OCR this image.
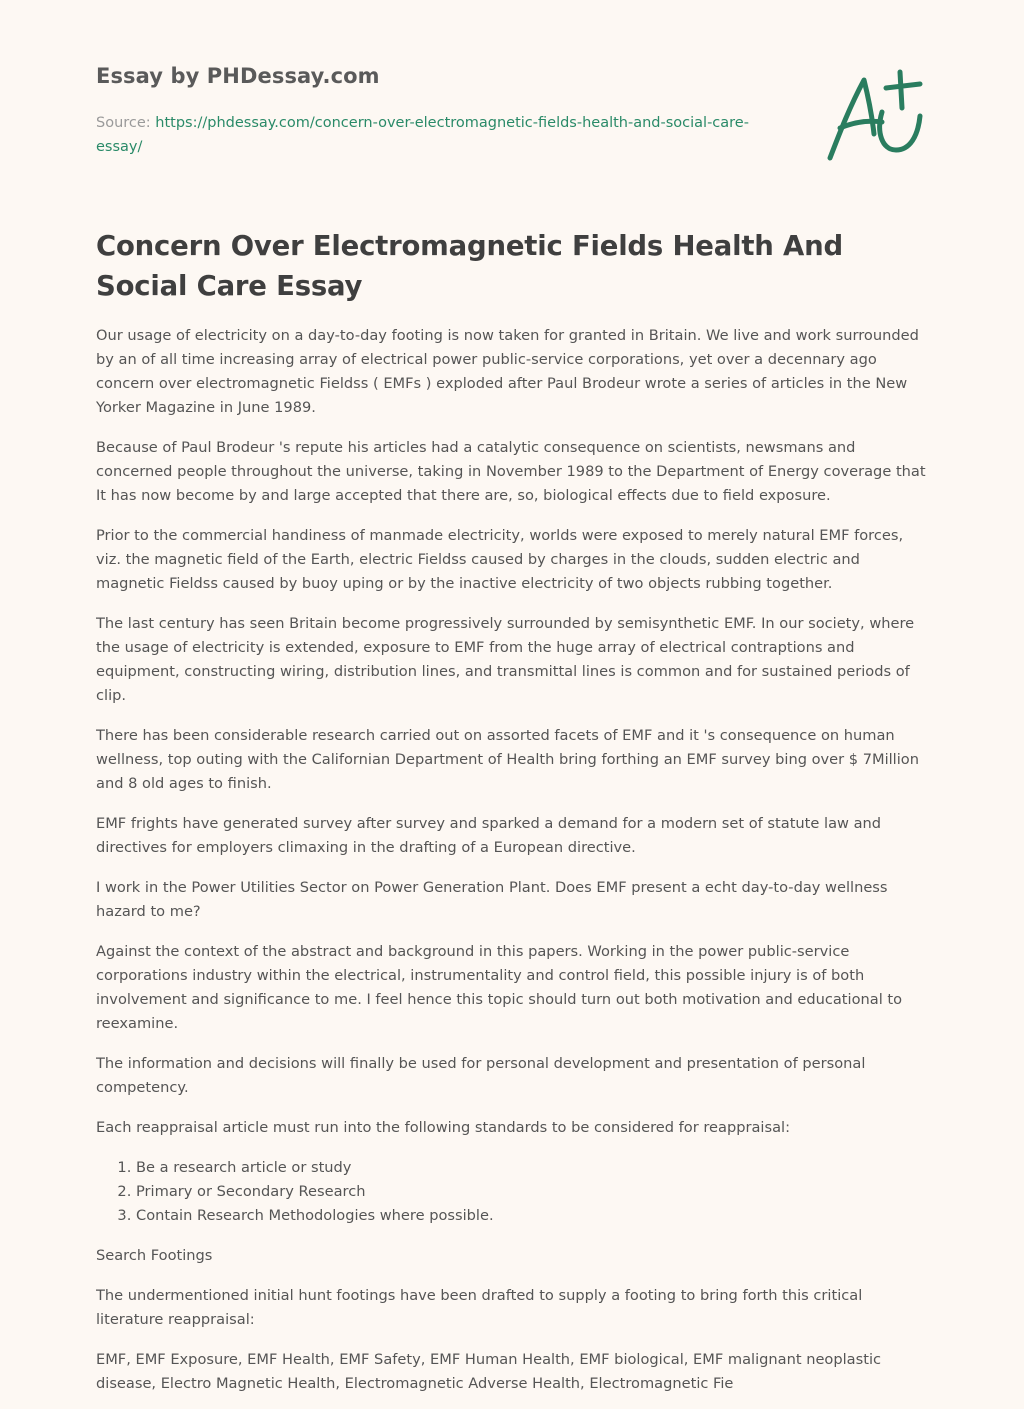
Essay by PHDessay.com
Source: https://phdessay.com/concern-over-electromagnetic-fields-health-and-social-care-essay/
Concern Over Electromagnetic Fields Health And Social Care Essay

Our usage of electricity on a day-to-day footing is now taken for granted in Britain. We live and work surrounded by an of all time increasing array of electrical power public-service corporations, yet over a decennary ago concern over electromagnetic Fieldss ( EMFs ) exploded after Paul Brodeur wrote a series of articles in the New Yorker Magazine in June 1989.

Because of Paul Brodeur 's repute his articles had a catalytic consequence on scientists, newsmans and concerned people throughout the universe, taking in November 1989 to the Department of Energy coverage that It has now become by and large accepted that there are, so, biological effects due to field exposure.

Prior to the commercial handiness of manmade electricity, worlds were exposed to merely natural EMF forces, viz. the magnetic field of the Earth, electric Fieldss caused by charges in the clouds, sudden electric and magnetic Fieldss caused by buoy uping or by the inactive electricity of two objects rubbing together.

The last century has seen Britain become progressively surrounded by semisynthetic EMF. In our society, where the usage of electricity is extended, exposure to EMF from the huge array of electrical contraptions and equipment, constructing wiring, distribution lines, and transmittal lines is common and for sustained periods of clip.

There has been considerable research carried out on assorted facets of EMF and it 's consequence on human wellness, top outing with the Californian Department of Health bring forthing an EMF survey bing over $ 7Million and 8 old ages to finish.

EMF frights have generated survey after survey and sparked a demand for a modern set of statute law and directives for employers climaxing in the drafting of a European directive.

I work in the Power Utilities Sector on Power Generation Plant. Does EMF present a echt day-to-day wellness hazard to me?

Against the context of the abstract and background in this papers. Working in the power public-service corporations industry within the electrical, instrumentality and control field, this possible injury is of both involvement and significance to me. I feel hence this topic should turn out both motivation and educational to reexamine.

The information and decisions will finally be used for personal development and presentation of personal competency.

Each reappraisal article must run into the following standards to be considered for reappraisal:

1. Be a research article or study
2. Primary or Secondary Research
3. Contain Research Methodologies where possible.

Search Footings

The undermentioned initial hunt footings have been drafted to supply a footing to bring forth this critical literature reappraisal:

EMF, EMF Exposure, EMF Health, EMF Safety, EMF Human Health, EMF biological, EMF malignant neoplastic disease, Electro Magnetic Health, Electromagnetic Adverse Health, Electromagnetic Fie
